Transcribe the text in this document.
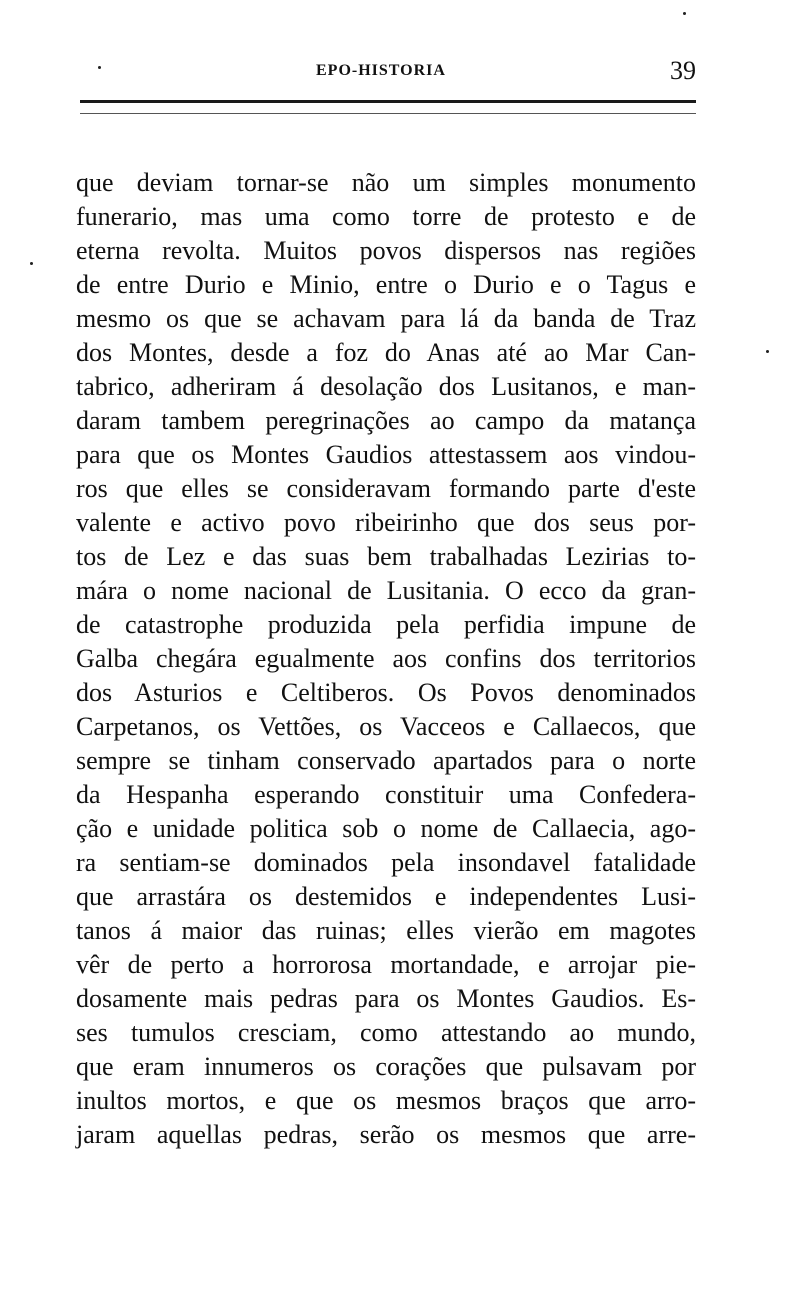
EPO-HISTORIA	39
que deviam tornar-se não um simples monumento
funerario, mas uma como torre de protesto e de
eterna revolta. Muitos povos dispersos nas regiões
de entre Durio e Minio, entre o Durio e o Tagus e
mesmo os que se achavam para lá da banda de Traz
dos Montes, desde a foz do Anas até ao Mar Can-
tabrico, adheriram á desolação dos Lusitanos, e man-
daram tambem peregrinações ao campo da matança
para que os Montes Gaudios attestassem aos vindou-
ros que elles se consideravam formando parte d'este
valente e activo povo ribeirinho que dos seus por-
tos de Lez e das suas bem trabalhadas Lezirias to-
mára o nome nacional de Lusitania. O ecco da gran-
de catastrophe produzida pela perfidia impune de
Galba chegára egualmente aos confins dos territorios
dos Asturios e Celtiberos. Os Povos denominados
Carpetanos, os Vettões, os Vacceos e Callaecos, que
sempre se tinham conservado apartados para o norte
da Hespanha esperando constituir uma Confedera-
ção e unidade politica sob o nome de Callaecia, ago-
ra sentiam-se dominados pela insondavel fatalidade
que arrastára os destemidos e independentes Lusi-
tanos á maior das ruinas; elles vierão em magotes
vêr de perto a horrorosa mortandade, e arrojar pie-
dosamente mais pedras para os Montes Gaudios. Es-
ses tumulos cresciam, como attestando ao mundo,
que eram innumeros os corações que pulsavam por
inultos mortos, e que os mesmos braços que arro-
jaram aquellas pedras, serão os mesmos que arre-
